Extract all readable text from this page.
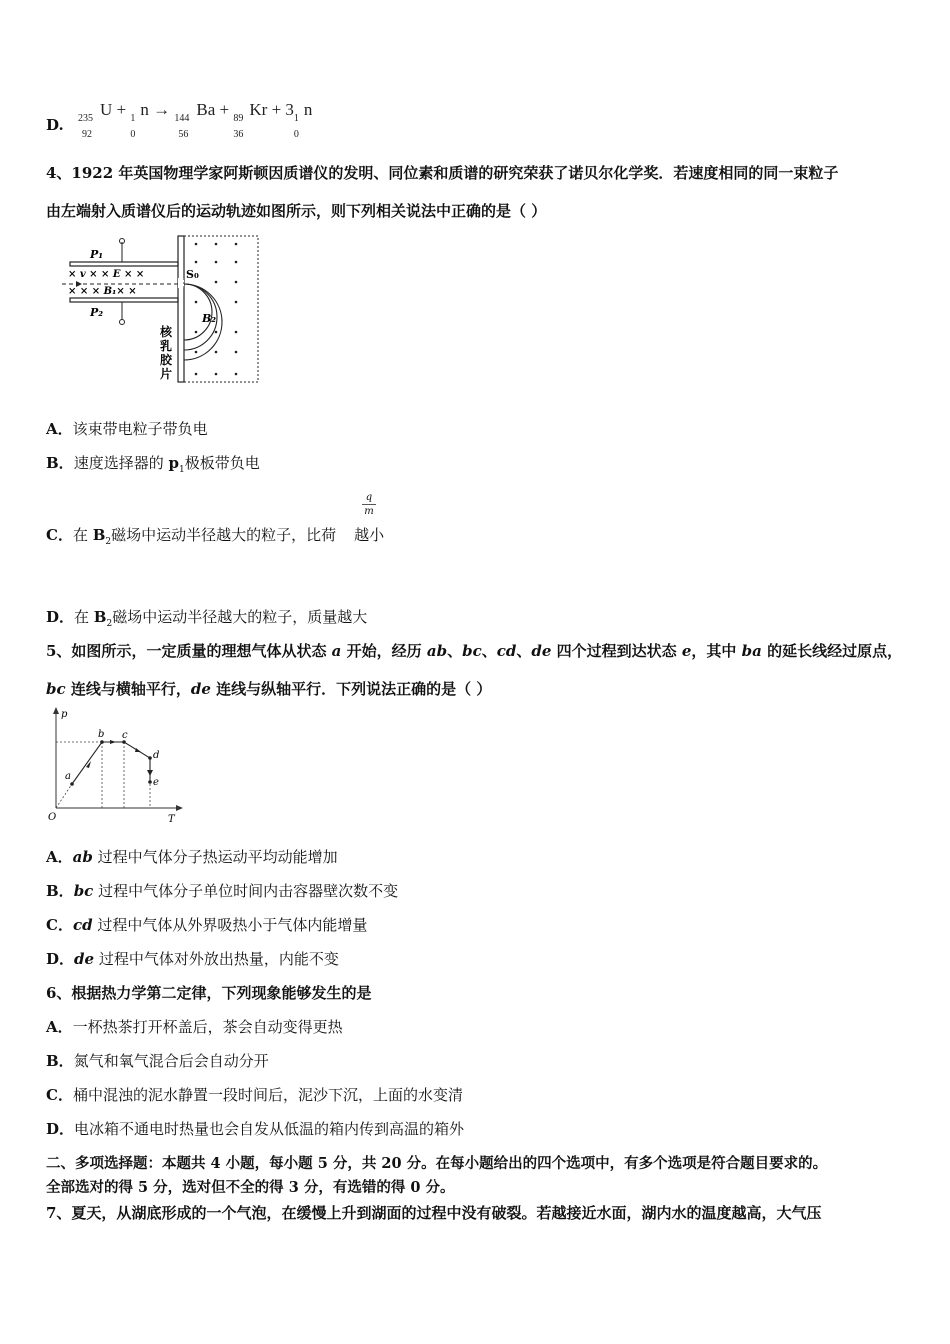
D. 235
92
U + 1
0
n → 144
56
Ba + 89
36
Kr + 3 1
0
n
4、1922 年英国物理学家阿斯顿因质谱仪的发明、同位素和质谱的研究荣获了诺贝尔化学奖．若速度相同的同一束粒子
由左端射入质谱仪后的运动轨迹如图所示，则下列相关说法中正确的是（ ）
P₁
P₂
× v × × E × ×
× × × B₁× ×
S₀
B₂
核
乳
胶
片
A．该束带电粒子带负电
B．速度选择器的 $p_1$极板带负电
q
m
C．在 $B_2$磁场中运动半径越大的粒子，比荷 越小
D．在 $B_2$磁场中运动半径越大的粒子，质量越大
5、如图所示，一定质量的理想气体从状态 a 开始，经历 ab、bc、cd、de 四个过程到达状态 e，其中 ba 的延长线经过原点，
bc 连线与横轴平行，de 连线与纵轴平行．下列说法正确的是（ ）
p
T
O
a
b c
d
e
A．ab 过程中气体分子热运动平均动能增加
B．bc 过程中气体分子单位时间内击容器壁次数不变
C．cd 过程中气体从外界吸热小于气体内能增量
D．de 过程中气体对外放出热量，内能不变
6、根据热力学第二定律，下列现象能够发生的是
A．一杯热茶打开杯盖后，茶会自动变得更热
B．氮气和氧气混合后会自动分开
C．桶中混浊的泥水静置一段时间后，泥沙下沉，上面的水变清
D．电冰箱不通电时热量也会自发从低温的箱内传到高温的箱外
二、多项选择题：本题共 4 小题，每小题 5 分，共 20 分。在每小题给出的四个选项中，有多个选项是符合题目要求的。
全部选对的得 5 分，选对但不全的得 3 分，有选错的得 0 分。
7、夏天，从湖底形成的一个气泡，在缓慢上升到湖面的过程中没有破裂。若越接近水面，湖内水的温度越高，大气压
